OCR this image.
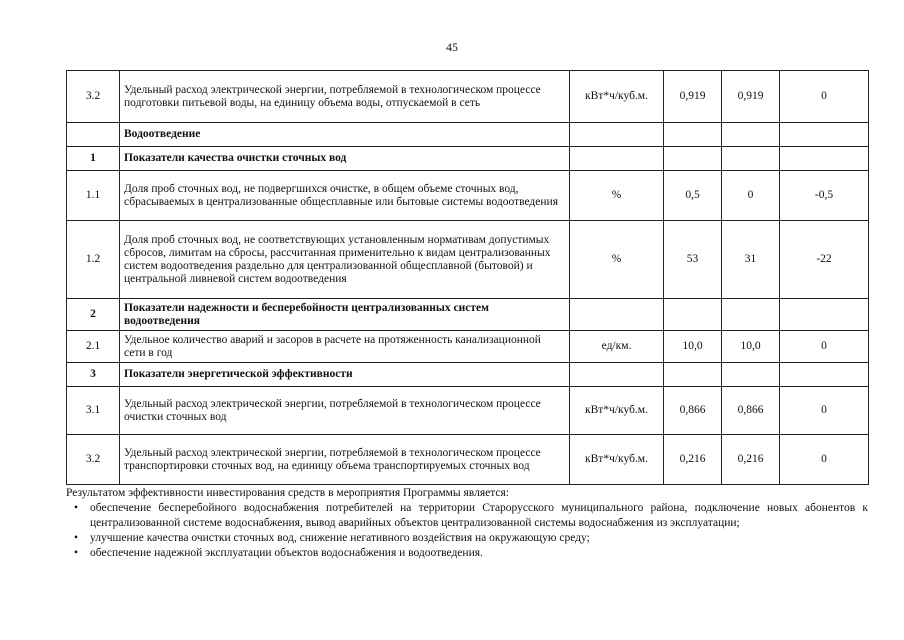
45
3.2	Удельный расход электрической энергии, потребляемой в технологическом процессе подготовки питьевой воды, на единицу объема воды, отпускаемой в сеть	кВт*ч/куб.м.	0,919	0,919	0
	Водоотведение				
1	Показатели качества очистки сточных вод				
1.1	Доля проб сточных вод, не подвергшихся очистке, в общем объеме сточных вод, сбрасываемых в централизованные общесплавные или бытовые системы водоотведения	%	0,5	0	-0,5
1.2	Доля проб сточных вод, не соответствующих установленным нормативам допустимых сбросов, лимитам на сбросы, рассчитанная применительно к видам централизованных систем водоотведения раздельно для централизованной общесплавной (бытовой) и центральной ливневой систем водоотведения	%	53	31	-22
2	Показатели надежности и бесперебойности централизованных систем водоотведения				
2.1	Удельное количество аварий и засоров в расчете на протяженность канализационной сети в год	ед/км.	10,0	10,0	0
3	Показатели энергетической эффективности				
3.1	Удельный расход электрической энергии, потребляемой в технологическом процессе очистки сточных вод	кВт*ч/куб.м.	0,866	0,866	0
3.2	Удельный расход электрической энергии, потребляемой в технологическом процессе транспортировки сточных вод, на единицу объема транспортируемых сточных вод	кВт*ч/куб.м.	0,216	0,216	0

Результатом эффективности инвестирования средств в мероприятия Программы является:

• обеспечение бесперебойного водоснабжения потребителей на территории Старорусского муниципального района, подключение новых абонентов к централизованной системе водоснабжения, вывод аварийных объектов централизованной системы водоснабжения из эксплуатации;
• улучшение качества очистки сточных вод, снижение негативного воздействия на окружающую среду;
• обеспечение надежной эксплуатации объектов водоснабжения и водоотведения.
